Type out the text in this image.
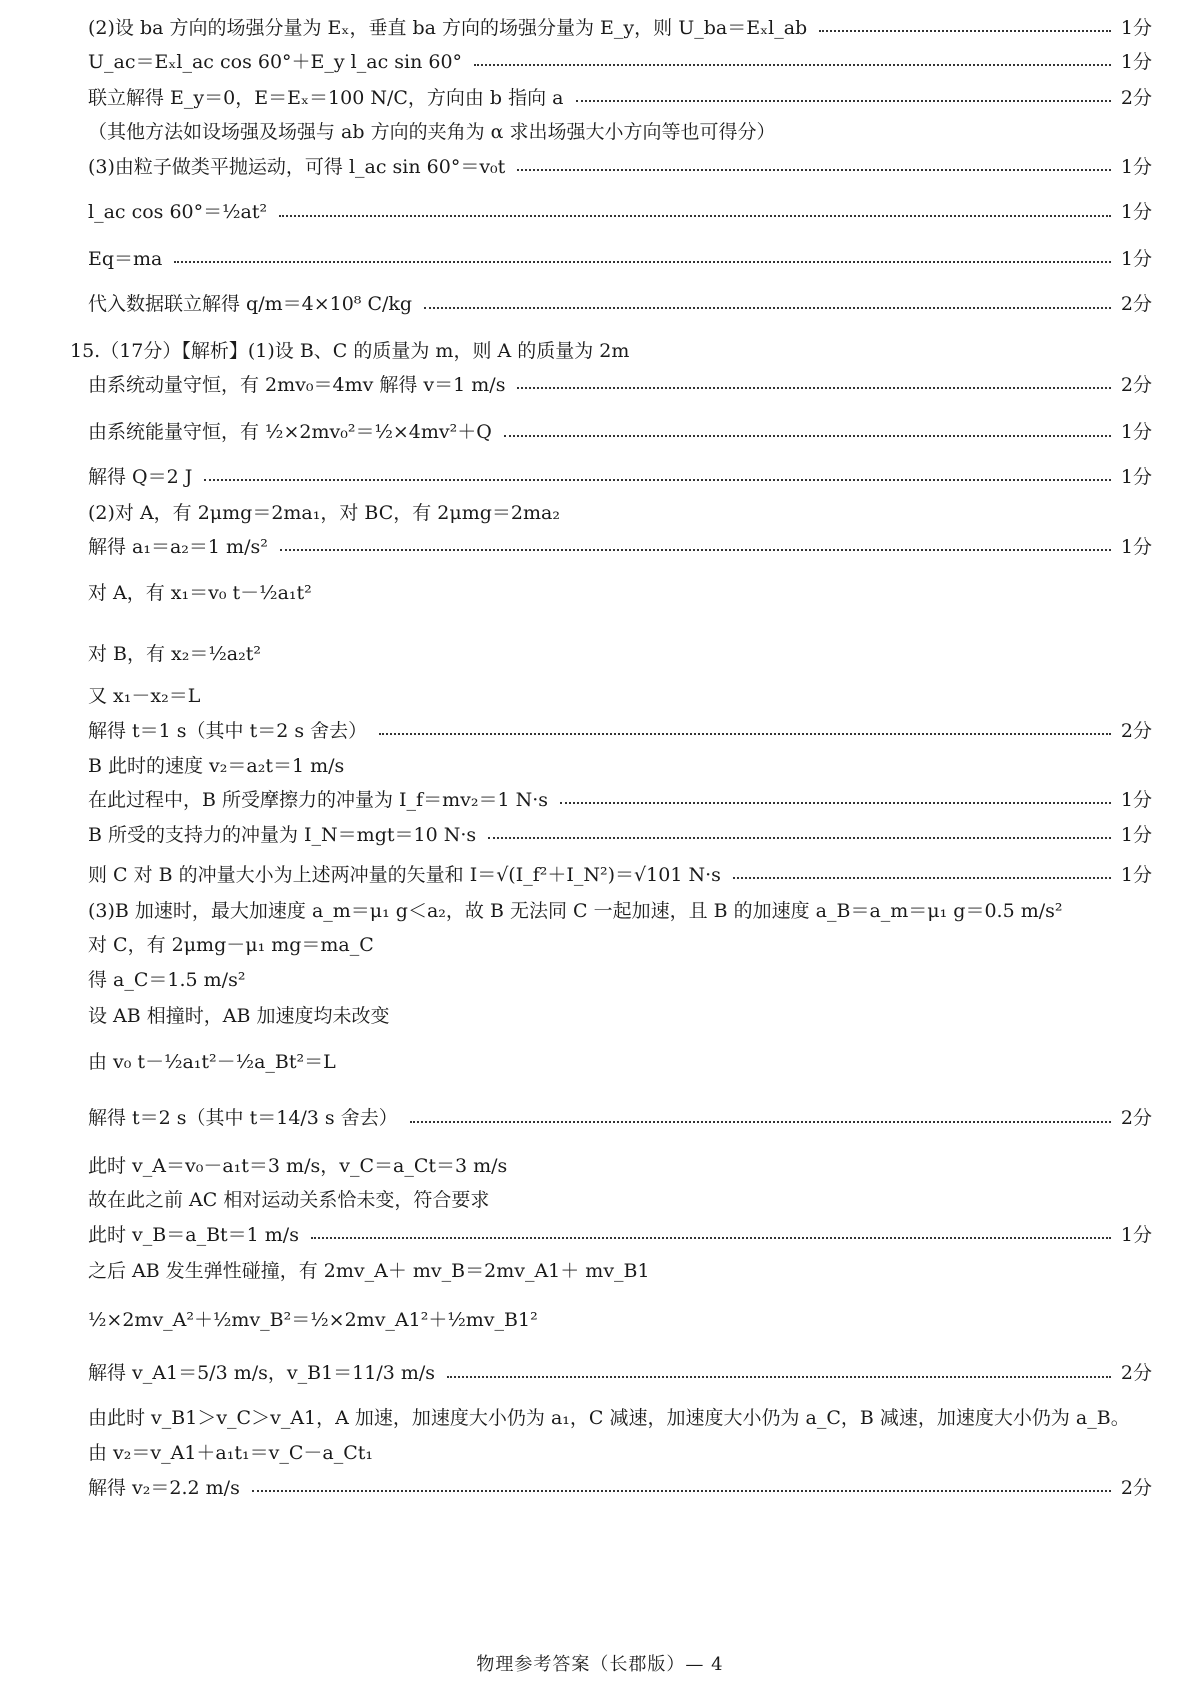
(2)设 ba 方向的场强分量为 Eₓ，垂直 ba 方向的场强分量为 E_y，则 U_ba＝Eₓl_ab	1分
U_ac＝Eₓl_ac cos 60°＋E_y l_ac sin 60°	1分
联立解得 E_y＝0，E＝Eₓ＝100 N/C，方向由 b 指向 a	2分
（其他方法如设场强及场强与 ab 方向的夹角为 α 求出场强大小方向等也可得分）
(3)由粒子做类平抛运动，可得 l_ac sin 60°＝v₀t	1分
l_ac cos 60°＝½at²	1分
Eq＝ma	1分
代入数据联立解得 q/m＝4×10⁸ C/kg	2分
15.（17分）【解析】(1)设 B、C 的质量为 m，则 A 的质量为 2m
由系统动量守恒，有 2mv₀＝4mv 解得 v＝1 m/s	2分
由系统能量守恒，有 ½×2mv₀²＝½×4mv²＋Q	1分
解得 Q＝2 J	1分
(2)对 A，有 2μmg＝2ma₁，对 BC，有 2μmg＝2ma₂
解得 a₁＝a₂＝1 m/s²	1分
对 A，有 x₁＝v₀ t－½a₁t²
对 B，有 x₂＝½a₂t²
又 x₁－x₂＝L
解得 t＝1 s（其中 t＝2 s 舍去）	2分
B 此时的速度 v₂＝a₂t＝1 m/s
在此过程中，B 所受摩擦力的冲量为 I_f＝mv₂＝1 N·s	1分
B 所受的支持力的冲量为 I_N＝mgt＝10 N·s	1分
则 C 对 B 的冲量大小为上述两冲量的矢量和 I＝√(I_f²＋I_N²)＝√101 N·s	1分
(3)B 加速时，最大加速度 a_m＝μ₁ g＜a₂，故 B 无法同 C 一起加速，且 B 的加速度 a_B＝a_m＝μ₁ g＝0.5 m/s²
对 C，有 2μmg－μ₁ mg＝ma_C
得 a_C＝1.5 m/s²
设 AB 相撞时，AB 加速度均未改变
由 v₀ t－½a₁t²－½a_Bt²＝L
解得 t＝2 s（其中 t＝14/3 s 舍去）	2分
此时 v_A＝v₀－a₁t＝3 m/s，v_C＝a_Ct＝3 m/s
故在此之前 AC 相对运动关系恰未变，符合要求
此时 v_B＝a_Bt＝1 m/s	1分
之后 AB 发生弹性碰撞，有 2mv_A＋ mv_B＝2mv_A1＋ mv_B1
½×2mv_A²＋½mv_B²＝½×2mv_A1²＋½mv_B1²
解得 v_A1＝5/3 m/s，v_B1＝11/3 m/s	2分
由此时 v_B1＞v_C＞v_A1，A 加速，加速度大小仍为 a₁，C 减速，加速度大小仍为 a_C，B 减速，加速度大小仍为 a_B。
由 v₂＝v_A1＋a₁t₁＝v_C－a_Ct₁
解得 v₂＝2.2 m/s	2分
物理参考答案（长郡版）— 4
